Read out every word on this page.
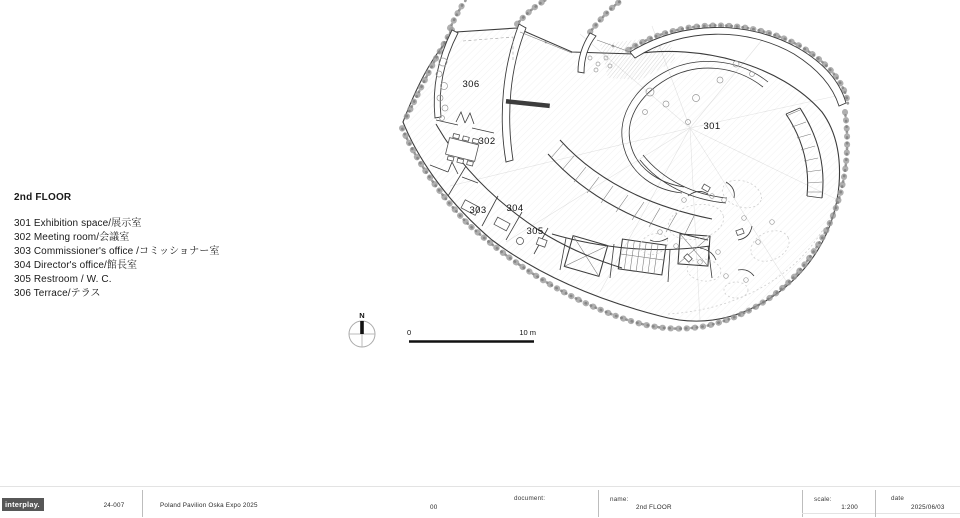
2nd FLOOR
301 Exhibition space/展示室
302 Meeting room/会議室
303 Commissioner's office /コミッショナー室
304 Director's office/館長室
305 Restroom / W. C.
306 Terrace/テラス
301
302
303 304
305
306
N
0	10 m
interplay.	24-007	Poland Pavilion Oska Expo 2025	00
document:	name:
2nd FLOOR
scale:
1:200
date
2025/06/03
